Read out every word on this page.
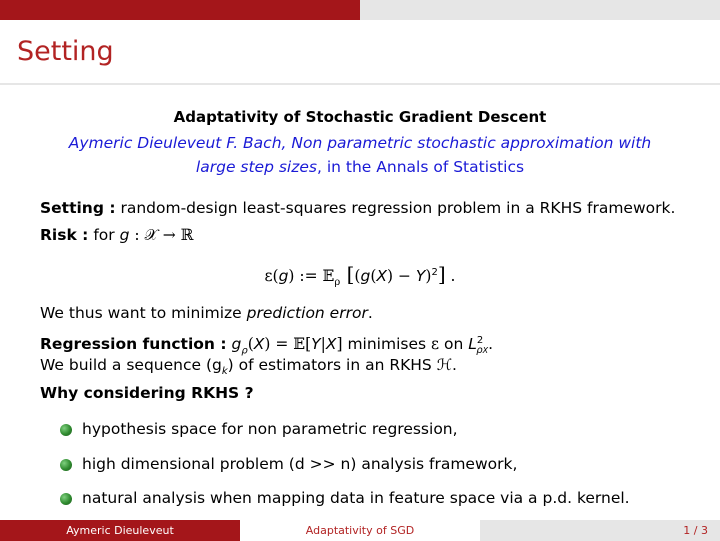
Setting
Adaptativity of Stochastic Gradient Descent
Aymeric Dieuleveut F. Bach, Non parametric stochastic approximation with
large step sizes, in the Annals of Statistics
Setting : random-design least-squares regression problem in a RKHS framework.
Risk : for g : 𝒳 → ℝ
ε(g) := 𝔼$_\rho$ $[(g(X) - Y)^2]$ .
We thus want to minimize prediction error.
Regression function : $g_\rho(X)$ = 𝔼[Y|X] minimises ε on $L^2_{\rho X}$.
We build a sequence $(g_k)$ of estimators in an RKHS ℋ.
Why considering RKHS ?
hypothesis space for non parametric regression,
high dimensional problem (d >> n) analysis framework,
natural analysis when mapping data in feature space via a p.d. kernel.
Aymeric Dieuleveut	Adaptativity of SGD	1 / 3
